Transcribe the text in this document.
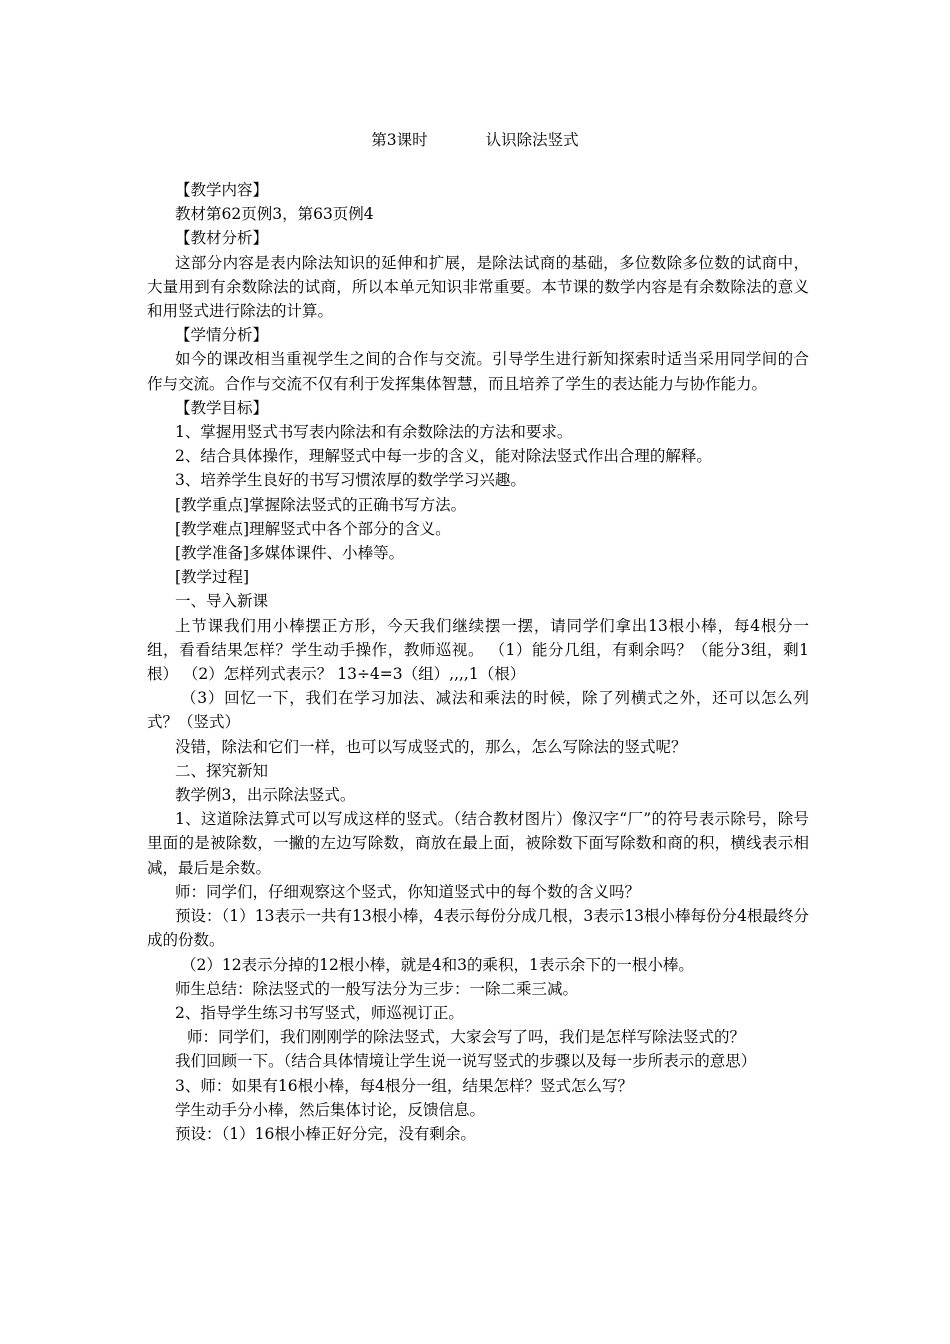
第3课时	认识除法竖式

【教学内容】

教材第62页例3，第63页例4

【教材分析】

这部分内容是表内除法知识的延伸和扩展，是除法试商的基础，多位数除多位数的试商中，大量用到有余数除法的试商，所以本单元知识非常重要。本节课的数学内容是有余数除法的意义和用竖式进行除法的计算。

【学情分析】

如今的课改相当重视学生之间的合作与交流。引导学生进行新知探索时适当采用同学间的合作与交流。合作与交流不仅有利于发挥集体智慧，而且培养了学生的表达能力与协作能力。

【教学目标】

1、掌握用竖式书写表内除法和有余数除法的方法和要求。

2、结合具体操作，理解竖式中每一步的含义，能对除法竖式作出合理的解释。

3、培养学生良好的书写习惯浓厚的数学学习兴趣。

[教学重点]掌握除法竖式的正确书写方法。

[教学难点]理解竖式中各个部分的含义。

[教学准备]多媒体课件、小棒等。

[教学过程]

一、导入新课

上节课我们用小棒摆正方形，今天我们继续摆一摆，请同学们拿出13根小棒，每4根分一组，看看结果怎样？学生动手操作，教师巡视。 （1）能分几组，有剩余吗？（能分3组，剩1根） （2）怎样列式表示？ 13÷4=3（组）,,,,1（根）

（3）回忆一下，我们在学习加法、减法和乘法的时候，除了列横式之外，还可以怎么列式？（竖式）

没错，除法和它们一样，也可以写成竖式的，那么，怎么写除法的竖式呢？

二、探究新知

教学例3，出示除法竖式。

1、这道除法算式可以写成这样的竖式。（结合教材图片）像汉字“厂”的符号表示除号，除号里面的是被除数，一撇的左边写除数，商放在最上面，被除数下面写除数和商的积，横线表示相减，最后是余数。

师：同学们，仔细观察这个竖式，你知道竖式中的每个数的含义吗？

预设：（1）13表示一共有13根小棒，4表示每份分成几根，3表示13根小棒每份分4根最终分成的份数。

（2）12表示分掉的12根小棒，就是4和3的乘积，1表示余下的一根小棒。

师生总结：除法竖式的一般写法分为三步：一除二乘三减。

2、指导学生练习书写竖式，师巡视订正。

师：同学们，我们刚刚学的除法竖式，大家会写了吗，我们是怎样写除法竖式的？

我们回顾一下。（结合具体情境让学生说一说写竖式的步骤以及每一步所表示的意思）

3、师：如果有16根小棒，每4根分一组，结果怎样？竖式怎么写？

学生动手分小棒，然后集体讨论，反馈信息。

预设：（1）16根小棒正好分完，没有剩余。
